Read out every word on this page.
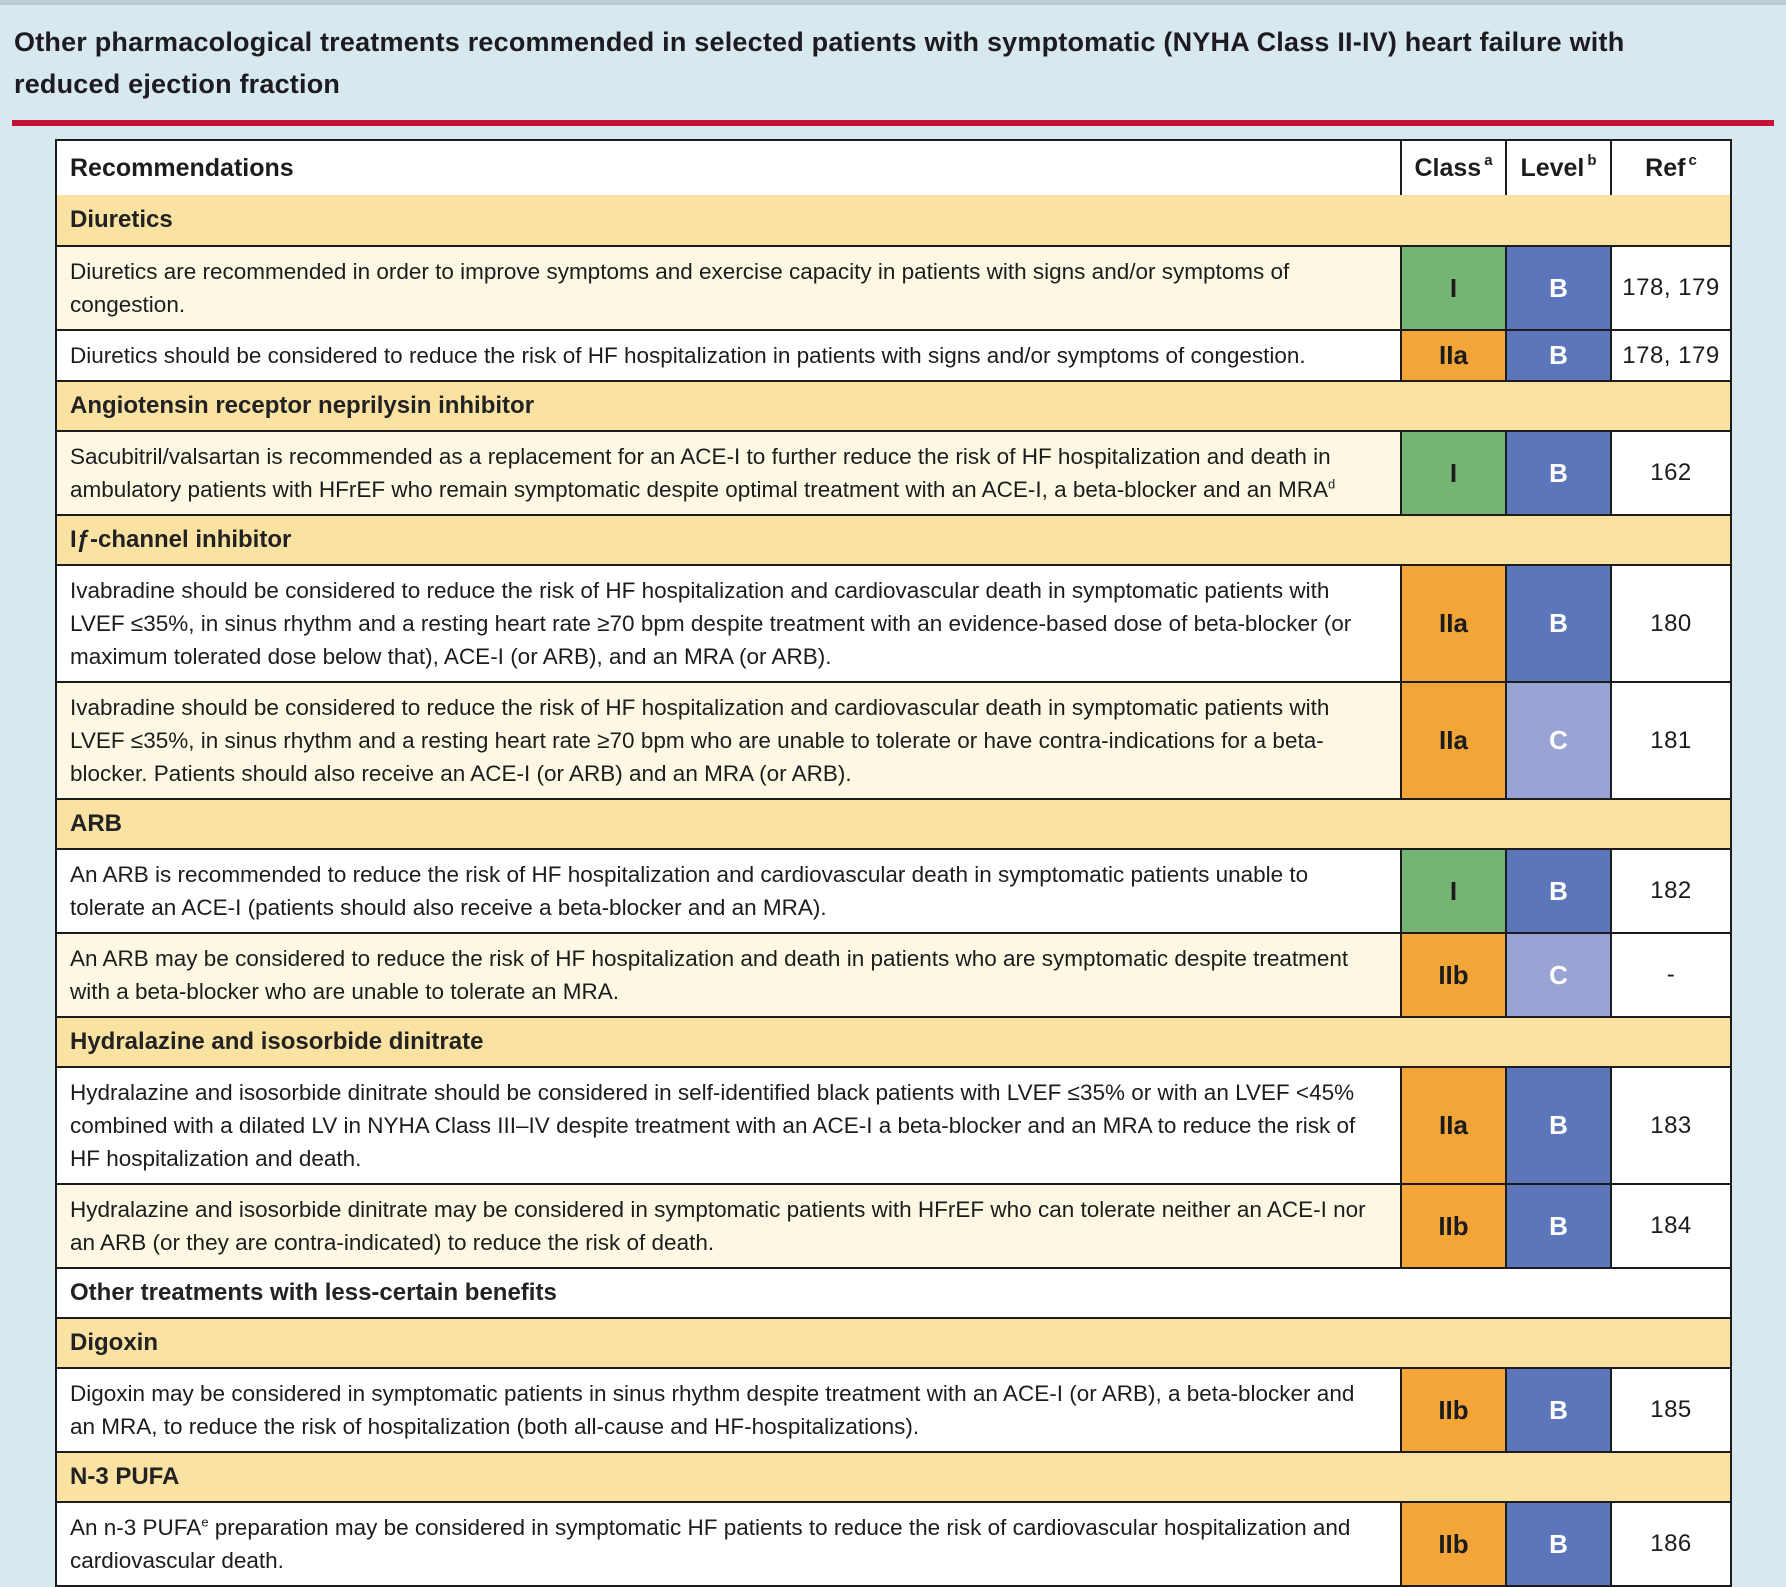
Other pharmacological treatments recommended in selected patients with symptomatic (NYHA Class II-IV) heart failure with reduced ejection fraction
Recommendations	Class$^a$ Level$^b$ Ref$^c$
Diuretics
Diuretics are recommended in order to improve symptoms and exercise capacity in patients with signs and/or symptoms of congestion.
I	B	178, 179
Diuretics should be considered to reduce the risk of HF hospitalization in patients with signs and/or symptoms of congestion.	IIa	B	178, 179
Angiotensin receptor neprilysin inhibitor
Sacubitril/valsartan is recommended as a replacement for an ACE-I to further reduce the risk of HF hospitalization and death in ambulatory patients with HFrEF who remain symptomatic despite optimal treatment with an ACE-I, a beta-blocker and an MRA$^d$	I	B	162
Iƒ-channel inhibitor
Ivabradine should be considered to reduce the risk of HF hospitalization and cardiovascular death in symptomatic patients with LVEF ≤35%, in sinus rhythm and a resting heart rate ≥70 bpm despite treatment with an evidence-based dose of beta-blocker (or maximum tolerated dose below that), ACE-I (or ARB), and an MRA (or ARB).
IIa	B	180
Ivabradine should be considered to reduce the risk of HF hospitalization and cardiovascular death in symptomatic patients with LVEF ≤35%, in sinus rhythm and a resting heart rate ≥70 bpm who are unable to tolerate or have contra-indications for a beta-blocker. Patients should also receive an ACE-I (or ARB) and an MRA (or ARB).
IIa	C	181
ARB
An ARB is recommended to reduce the risk of HF hospitalization and cardiovascular death in symptomatic patients unable to tolerate an ACE-I (patients should also receive a beta-blocker and an MRA).
I	B	182
An ARB may be considered to reduce the risk of HF hospitalization and death in patients who are symptomatic despite treatment with a beta-blocker who are unable to tolerate an MRA.
IIb	C	-
Hydralazine and isosorbide dinitrate
Hydralazine and isosorbide dinitrate should be considered in self-identified black patients with LVEF ≤35% or with an LVEF <45% combined with a dilated LV in NYHA Class III–IV despite treatment with an ACE-I a beta-blocker and an MRA to reduce the risk of HF hospitalization and death.
IIa	B	183
Hydralazine and isosorbide dinitrate may be considered in symptomatic patients with HFrEF who can tolerate neither an ACE-I nor an ARB (or they are contra-indicated) to reduce the risk of death.
IIb	B	184
Other treatments with less-certain benefits
Digoxin
Digoxin may be considered in symptomatic patients in sinus rhythm despite treatment with an ACE-I (or ARB), a beta-blocker and an MRA, to reduce the risk of hospitalization (both all-cause and HF-hospitalizations).
IIb	B	185
N-3 PUFA
An n-3 PUFA$^e$ preparation may be considered in symptomatic HF patients to reduce the risk of cardiovascular hospitalization and cardiovascular death.
IIb	B	186
